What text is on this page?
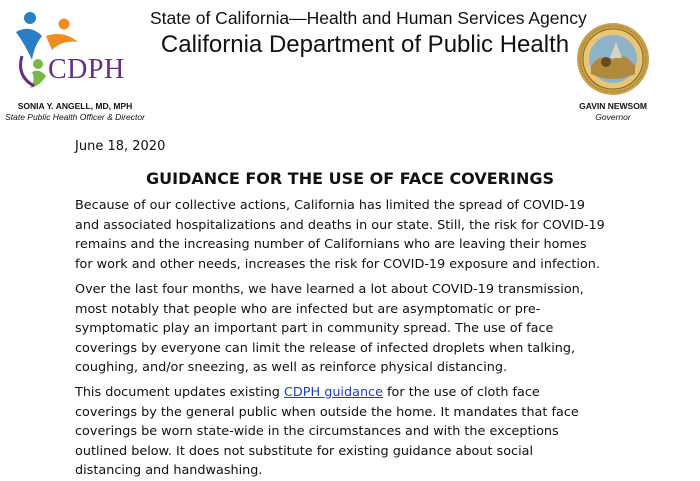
CDPH
State of California—Health and Human Services Agency
California Department of Public Health
SONIA Y. ANGELL, MD, MPH
State Public Health Officer & Director
GAVIN NEWSOM
Governor
June 18, 2020
GUIDANCE FOR THE USE OF FACE COVERINGS
Because of our collective actions, California has limited the spread of COVID-19
and associated hospitalizations and deaths in our state. Still, the risk for COVID-19
remains and the increasing number of Californians who are leaving their homes
for work and other needs, increases the risk for COVID-19 exposure and infection.
Over the last four months, we have learned a lot about COVID-19 transmission,
most notably that people who are infected but are asymptomatic or pre-
symptomatic play an important part in community spread. The use of face
coverings by everyone can limit the release of infected droplets when talking,
coughing, and/or sneezing, as well as reinforce physical distancing.
This document updates existing CDPH guidance for the use of cloth face
coverings by the general public when outside the home. It mandates that face
coverings be worn state-wide in the circumstances and with the exceptions
outlined below. It does not substitute for existing guidance about social
distancing and handwashing.
